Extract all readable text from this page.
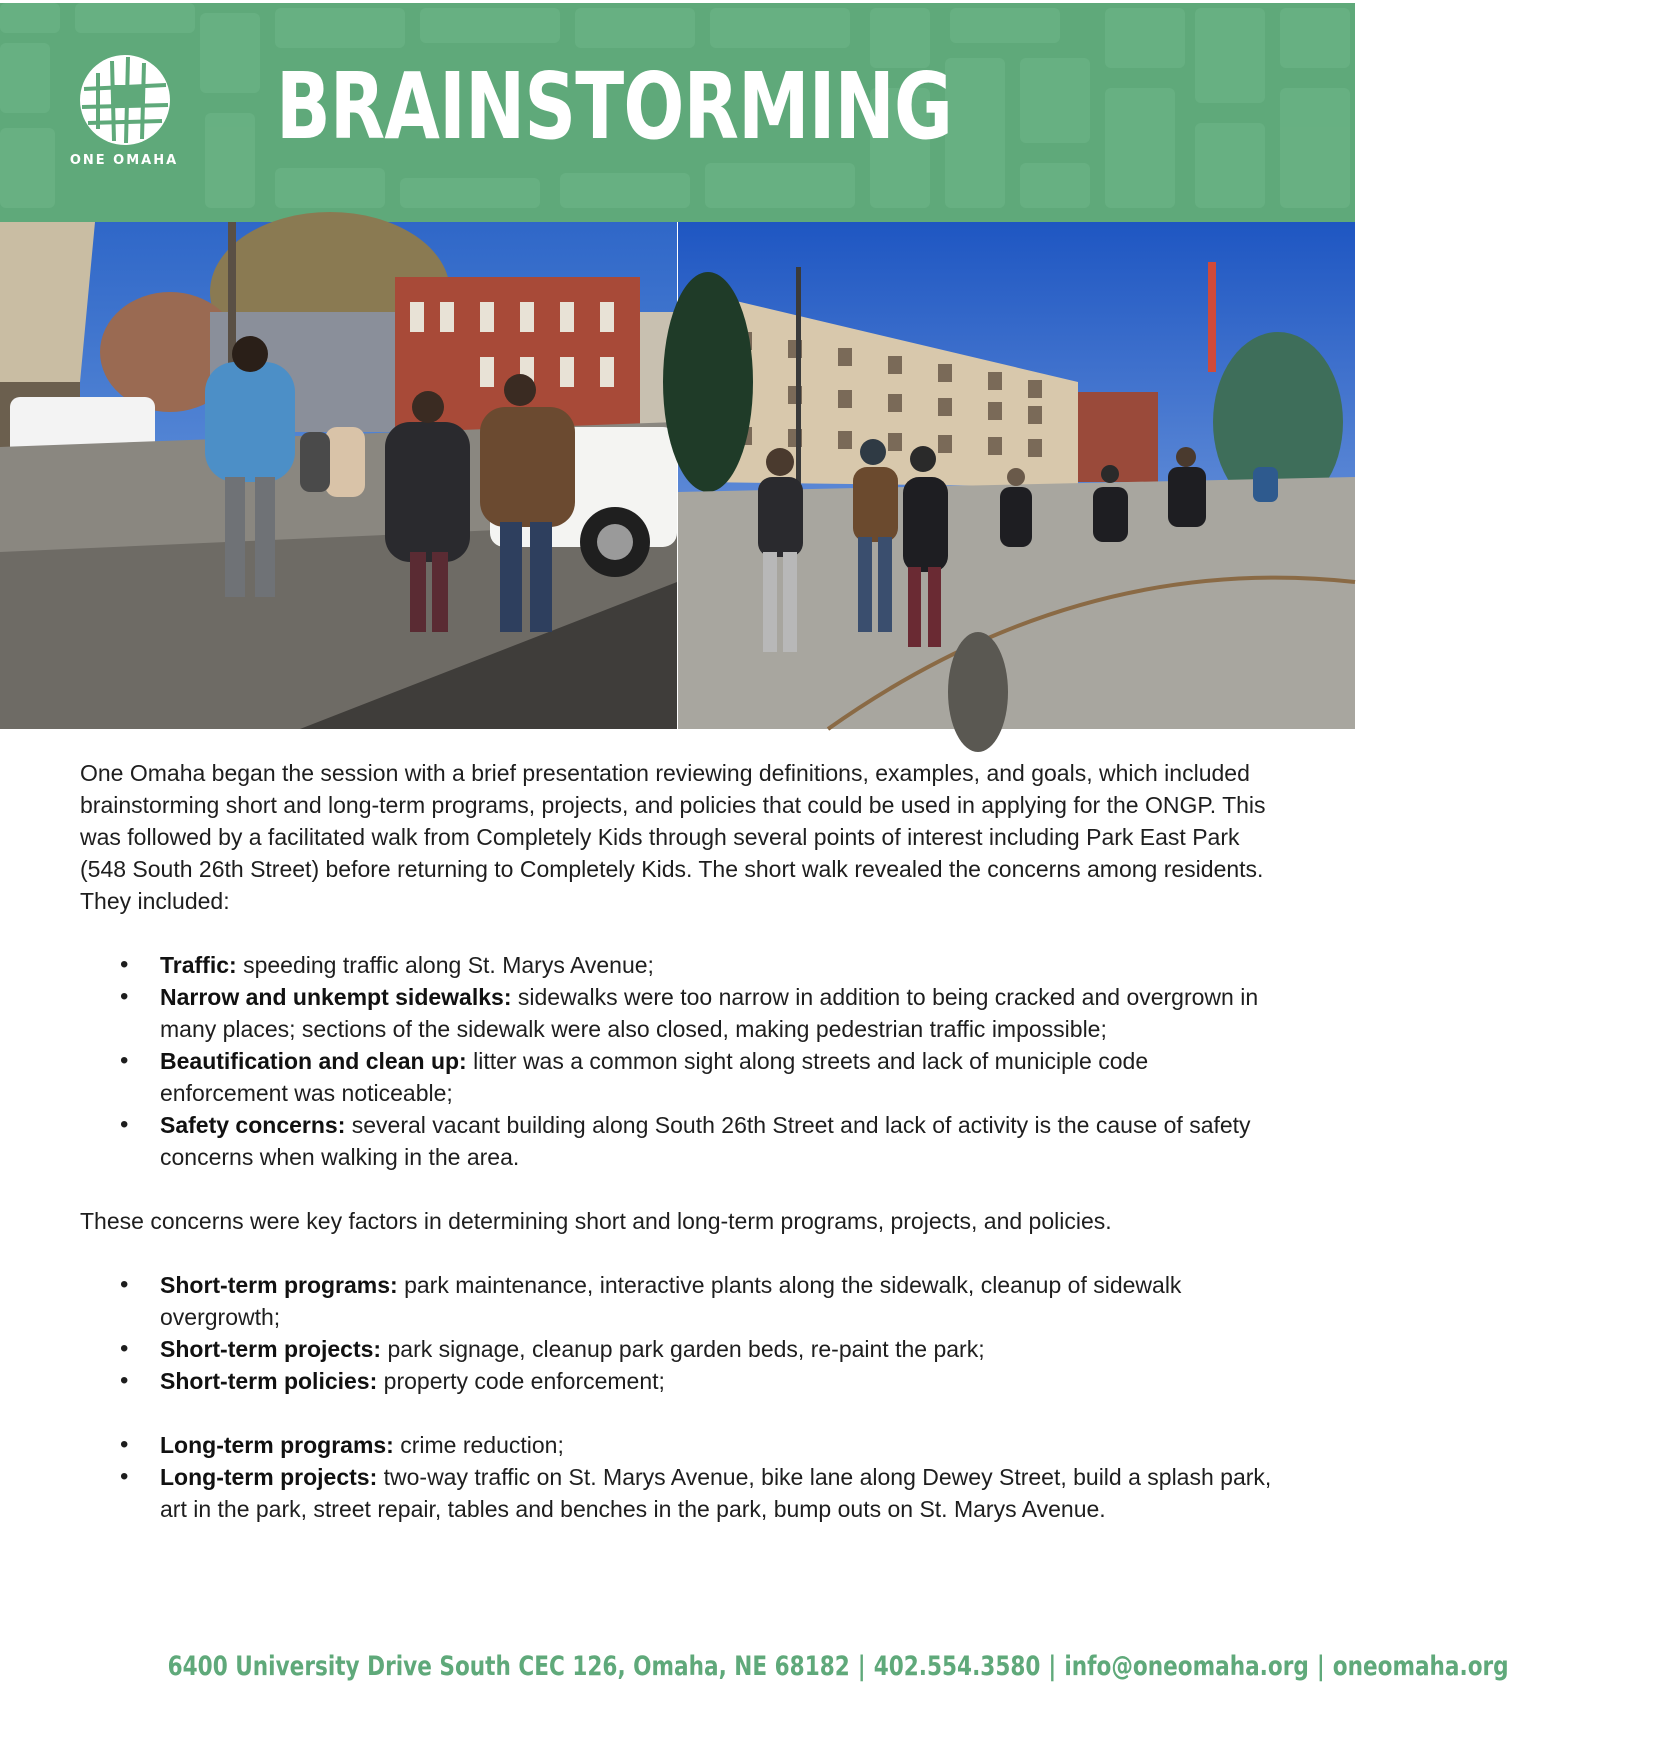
ONE OMAHA
BRAINSTORMING

One Omaha began the session with a brief presentation reviewing definitions, examples, and goals, which included brainstorming short and long-term programs, projects, and policies that could be used in applying for the ONGP. This was followed by a facilitated walk from Completely Kids through several points of interest including Park East Park (548 South 26th Street) before returning to Completely Kids. The short walk revealed the concerns among residents. They included:

• Traffic: speeding traffic along St. Marys Avenue;
• Narrow and unkempt sidewalks: sidewalks were too narrow in addition to being cracked and overgrown in many places; sections of the sidewalk were also closed, making pedestrian traffic impossible;
• Beautification and clean up: litter was a common sight along streets and lack of municiple code enforcement was noticeable;
• Safety concerns: several vacant building along South 26th Street and lack of activity is the cause of safety concerns when walking in the area.

These concerns were key factors in determining short and long-term programs, projects, and policies.

• Short-term programs: park maintenance, interactive plants along the sidewalk, cleanup of sidewalk overgrowth;
• Short-term projects: park signage, cleanup park garden beds, re-paint the park;
• Short-term policies: property code enforcement;
• Long-term programs: crime reduction;
• Long-term projects: two-way traffic on St. Marys Avenue, bike lane along Dewey Street, build a splash park, art in the park, street repair, tables and benches in the park, bump outs on St. Marys Avenue.
6400 University Drive South CEC 126, Omaha, NE 68182 | 402.554.3580 | info@oneomaha.org | oneomaha.org
